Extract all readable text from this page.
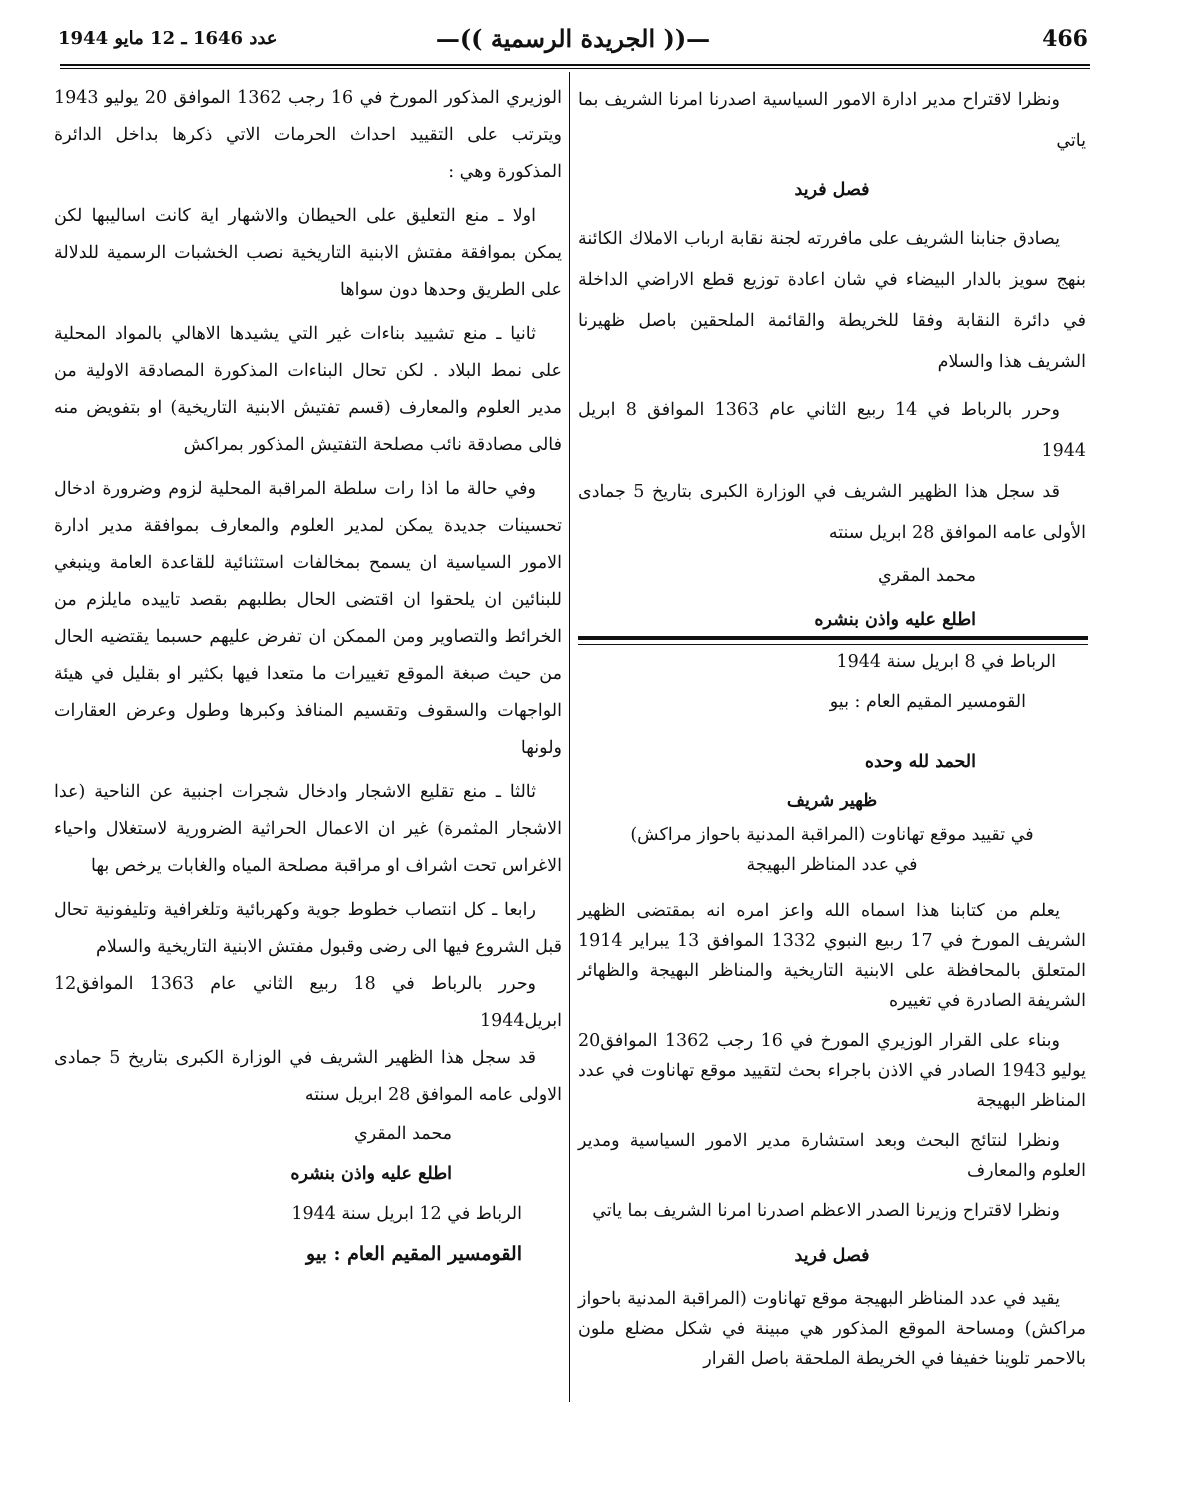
466
—(( الجريدة الرسمية ))—
عدد 1646 ـ 12 مايو 1944

ونظرا لاقتراح مدير ادارة الامور السياسية اصدرنا امرنا الشريف بما ياتي

فصل فريد

يصادق جنابنا الشريف على مافررته لجنة نقابة ارباب الاملاك الكائنة بنهج سويز بالدار البيضاء في شان اعادة توزيع قطع الاراضي الداخلة في دائرة النقابة وفقا للخريطة والقائمة الملحقين باصل ظهيرنا الشريف هذا والسلام

وحرر بالرباط في 14 ربيع الثاني عام 1363 الموافق 8 ابريل 1944

قد سجل هذا الظهير الشريف في الوزارة الكبرى بتاريخ 5 جمادى الأولى عامه الموافق 28 ابريل سنته

محمد المقري

اطلع عليه واذن بنشره

الرباط في 8 ابريل سنة 1944

القومسير المقيم العام : بيو

الحمد لله وحده

ظهير شريف

في تقييد موقع تهاناوت (المراقبة المدنية باحواز مراكش)

في عدد المناظر البهيجة

يعلم من كتابنا هذا اسماه الله واعز امره انه بمقتضى الظهير الشريف المورخ في 17 ربيع النبوي 1332 الموافق 13 يبراير 1914 المتعلق بالمحافظة على الابنية التاريخية والمناظر البهيجة والظهائر الشريفة الصادرة في تغييره

وبناء على القرار الوزيري المورخ في 16 رجب 1362 الموافق20 يوليو 1943 الصادر في الاذن باجراء بحث لتقييد موقع تهاناوت في عدد المناظر البهيجة

ونظرا لنتائج البحث وبعد استشارة مدير الامور السياسية ومدير العلوم والمعارف

ونظرا لاقتراح وزيرنا الصدر الاعظم اصدرنا امرنا الشريف بما ياتي

فصل فريد

يقيد في عدد المناظر البهيجة موقع تهاناوت (المراقبة المدنية باحواز مراكش) ومساحة الموقع المذكور هي مبينة في شكل مضلع ملون بالاحمر تلوينا خفيفا في الخريطة الملحقة باصل القرار

الوزيري المذكور المورخ في 16 رجب 1362 الموافق 20 يوليو 1943 ويترتب على التقييد احداث الحرمات الاتي ذكرها بداخل الدائرة المذكورة وهي :

اولا ـ منع التعليق على الحيطان والاشهار اية كانت اساليبها لكن يمكن بموافقة مفتش الابنية التاريخية نصب الخشبات الرسمية للدلالة على الطريق وحدها دون سواها

ثانيا ـ منع تشييد بناءات غير التي يشيدها الاهالي بالمواد المحلية على نمط البلاد . لكن تحال البناءات المذكورة المصادقة الاولية من مدير العلوم والمعارف (قسم تفتيش الابنية التاريخية) او بتفويض منه فالى مصادقة نائب مصلحة التفتيش المذكور بمراكش

وفي حالة ما اذا رات سلطة المراقبة المحلية لزوم وضرورة ادخال تحسينات جديدة يمكن لمدير العلوم والمعارف بموافقة مدير ادارة الامور السياسية ان يسمح بمخالفات استثنائية للقاعدة العامة وينبغي للبنائين ان يلحقوا ان اقتضى الحال بطلبهم بقصد تاييده مايلزم من الخرائط والتصاوير ومن الممكن ان تفرض عليهم حسبما يقتضيه الحال من حيث صبغة الموقع تغييرات ما متعدا فيها بكثير او بقليل في هيئة الواجهات والسقوف وتقسيم المنافذ وكبرها وطول وعرض العقارات ولونها

ثالثا ـ منع تقليع الاشجار وادخال شجرات اجنبية عن الناحية (عدا الاشجار المثمرة) غير ان الاعمال الحراثية الضرورية لاستغلال واحياء الاغراس تحت اشراف او مراقبة مصلحة المياه والغابات يرخص بها

رابعا ـ كل انتصاب خطوط جوية وكهربائية وتلغرافية وتليفونية تحال قبل الشروع فيها الى رضى وقبول مفتش الابنية التاريخية والسلام

وحرر بالرباط في 18 ربيع الثاني عام 1363 الموافق12 ابريل1944

قد سجل هذا الظهير الشريف في الوزارة الكبرى بتاريخ 5 جمادى الاولى عامه الموافق 28 ابريل سنته

محمد المقري

اطلع عليه واذن بنشره

الرباط في 12 ابريل سنة 1944

القومسير المقيم العام : بيو
